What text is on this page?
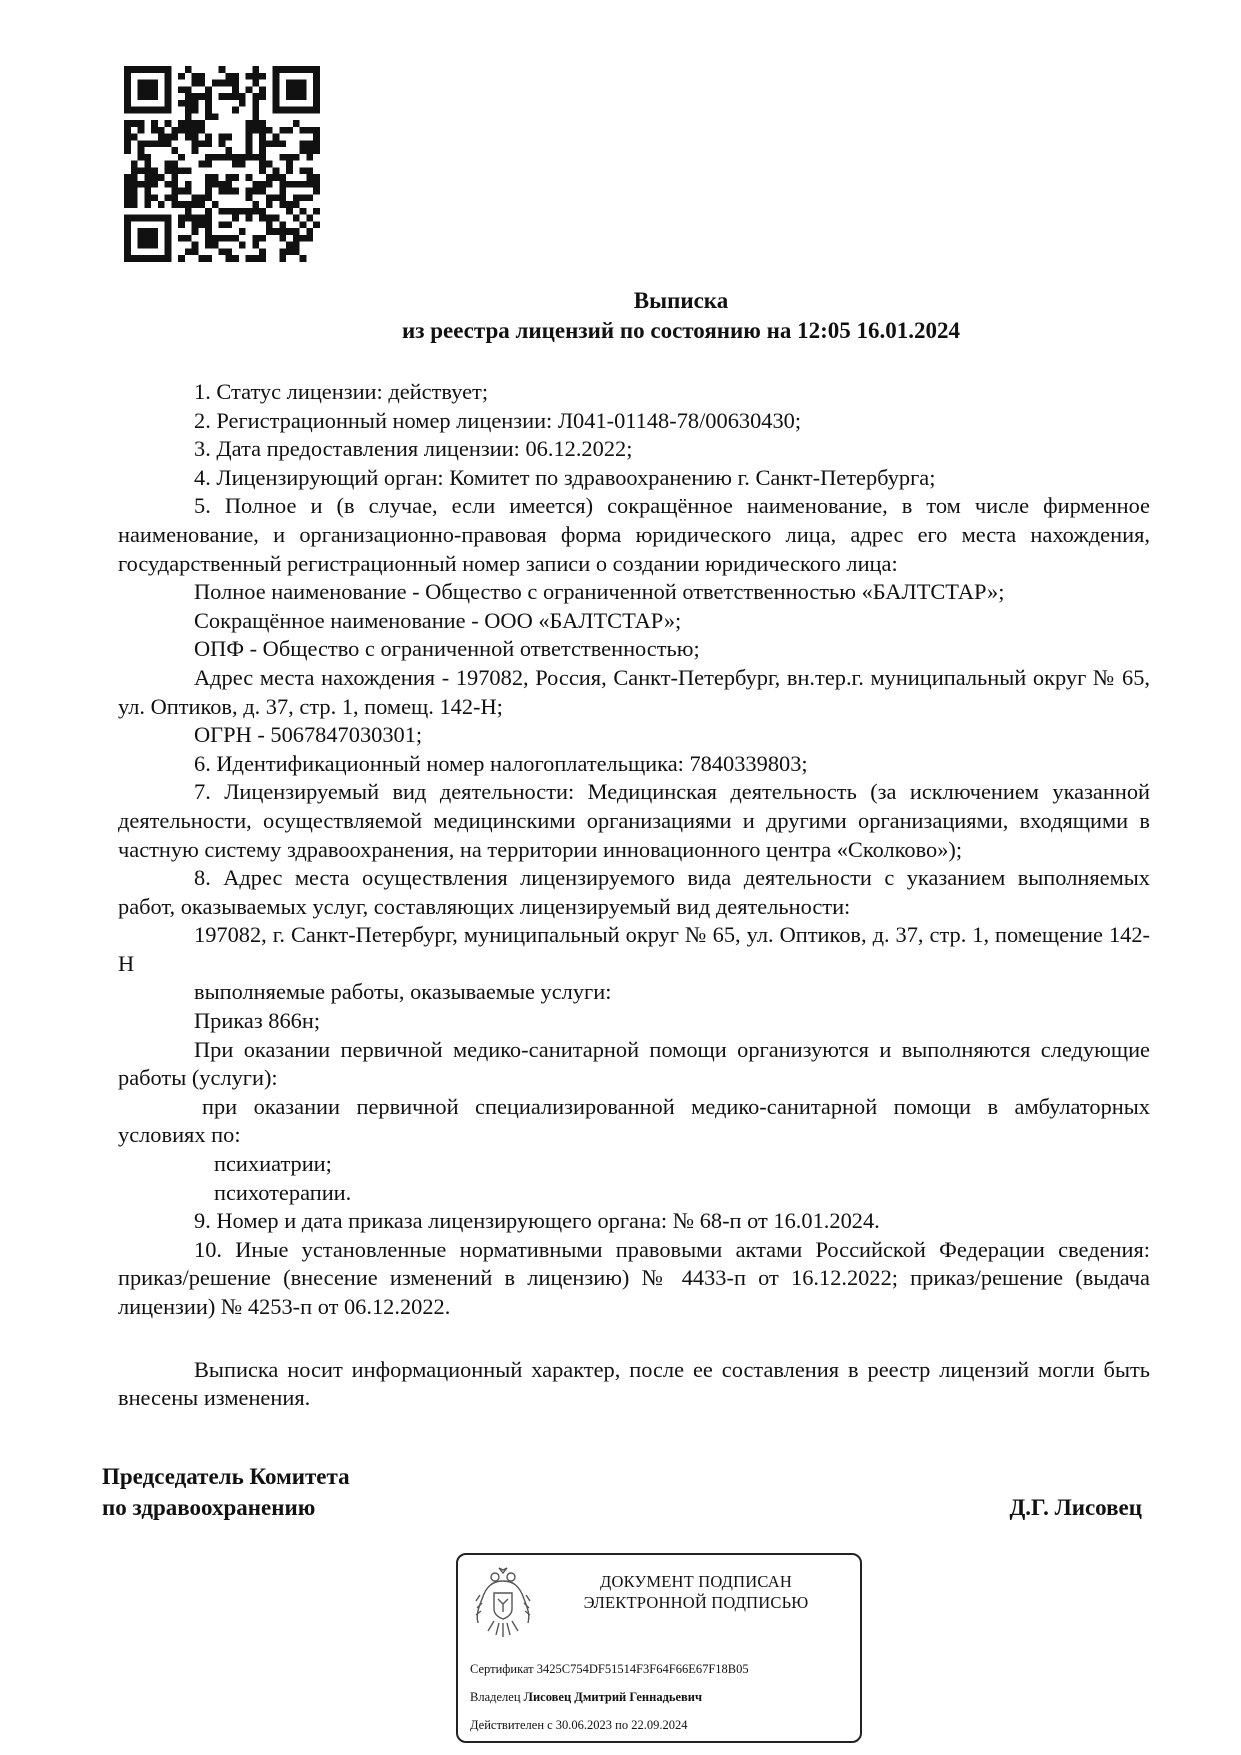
Выписка
из реестра лицензий по состоянию на 12:05 16.01.2024

1. Статус лицензии: действует;

2. Регистрационный номер лицензии: Л041-01148-78/00630430;

3. Дата предоставления лицензии: 06.12.2022;

4. Лицензирующий орган: Комитет по здравоохранению г. Санкт-Петербурга;

5. Полное и (в случае, если имеется) сокращённое наименование, в том числе фирменное наименование, и организационно-правовая форма юридического лица, адрес его места нахождения, государственный регистрационный номер записи о создании юридического лица:

Полное наименование - Общество с ограниченной ответственностью «БАЛТСТАР»;

Сокращённое наименование - ООО «БАЛТСТАР»;

ОПФ - Общество с ограниченной ответственностью;

Адрес места нахождения - 197082, Россия, Санкт-Петербург, вн.тер.г. муниципальный округ № 65, ул. Оптиков, д. 37, стр. 1, помещ. 142-Н;

ОГРН - 5067847030301;

6. Идентификационный номер налогоплательщика: 7840339803;

7. Лицензируемый вид деятельности: Медицинская деятельность (за исключением указанной деятельности, осуществляемой медицинскими организациями и другими организациями, входящими в частную систему здравоохранения, на территории инновационного центра «Сколково»);

8. Адрес места осуществления лицензируемого вида деятельности с указанием выполняемых работ, оказываемых услуг, составляющих лицензируемый вид деятельности:

197082, г. Санкт-Петербург, муниципальный округ № 65, ул. Оптиков, д. 37, стр. 1, помещение 142-Н

выполняемые работы, оказываемые услуги:

Приказ 866н;

При оказании первичной медико-санитарной помощи организуются и выполняются следующие работы (услуги):

при оказании первичной специализированной медико-санитарной помощи в амбулаторных условиях по:

психиатрии;

психотерапии.

9. Номер и дата приказа лицензирующего органа: № 68-п от 16.01.2024.

10. Иные установленные нормативными правовыми актами Российской Федерации сведения: приказ/решение (внесение изменений в лицензию) № 4433-п от 16.12.2022; приказ/решение (выдача лицензии) № 4253-п от 06.12.2022.

Выписка носит информационный характер, после ее составления в реестр лицензий могли быть внесены изменения.

Председатель Комитета
по здравоохранению	Д.Г. Лисовец
ДОКУМЕНТ ПОДПИСАН
ЭЛЕКТРОННОЙ ПОДПИСЬЮ
Сертификат 3425C754DF51514F3F64F66E67F18B05
Владелец Лисовец Дмитрий Геннадьевич
Действителен с 30.06.2023 по 22.09.2024
